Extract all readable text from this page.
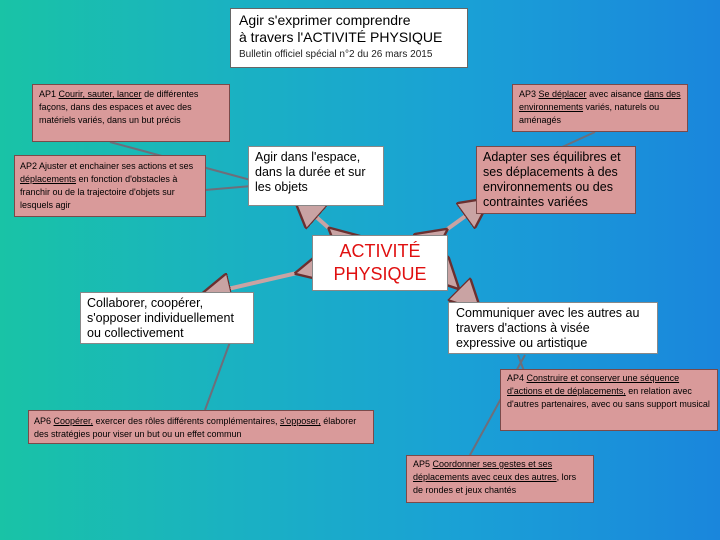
Agir s'exprimer comprendre
à travers l'ACTIVITÉ PHYSIQUE
Bulletin officiel spécial n°2 du 26 mars 2015
AP1 Courir, sauter, lancer de différentes façons, dans des espaces et avec des matériels variés, dans un but précis
AP2 Ajuster et enchainer ses actions et ses déplacements en fonction d'obstacles à franchir ou de la trajectoire d'objets sur lesquels agir
AP3 Se déplacer avec aisance dans des environnements variés, naturels ou aménagés
Agir dans l'espace, dans la durée et sur les objets
Adapter ses équilibres et ses déplacements à des environnements ou des contraintes variées
ACTIVITÉ
PHYSIQUE
Collaborer, coopérer, s'opposer individuellement ou collectivement
Communiquer avec les autres au travers d'actions à visée expressive ou artistique
AP4 Construire et conserver une séquence d'actions et de déplacements, en relation avec d'autres partenaires, avec ou sans support musical
AP6 Coopérer, exercer des rôles différents complémentaires, s'opposer, élaborer des stratégies pour viser un but ou un effet commun
AP5 Coordonner ses gestes et ses déplacements avec ceux des autres, lors de rondes et jeux chantés
